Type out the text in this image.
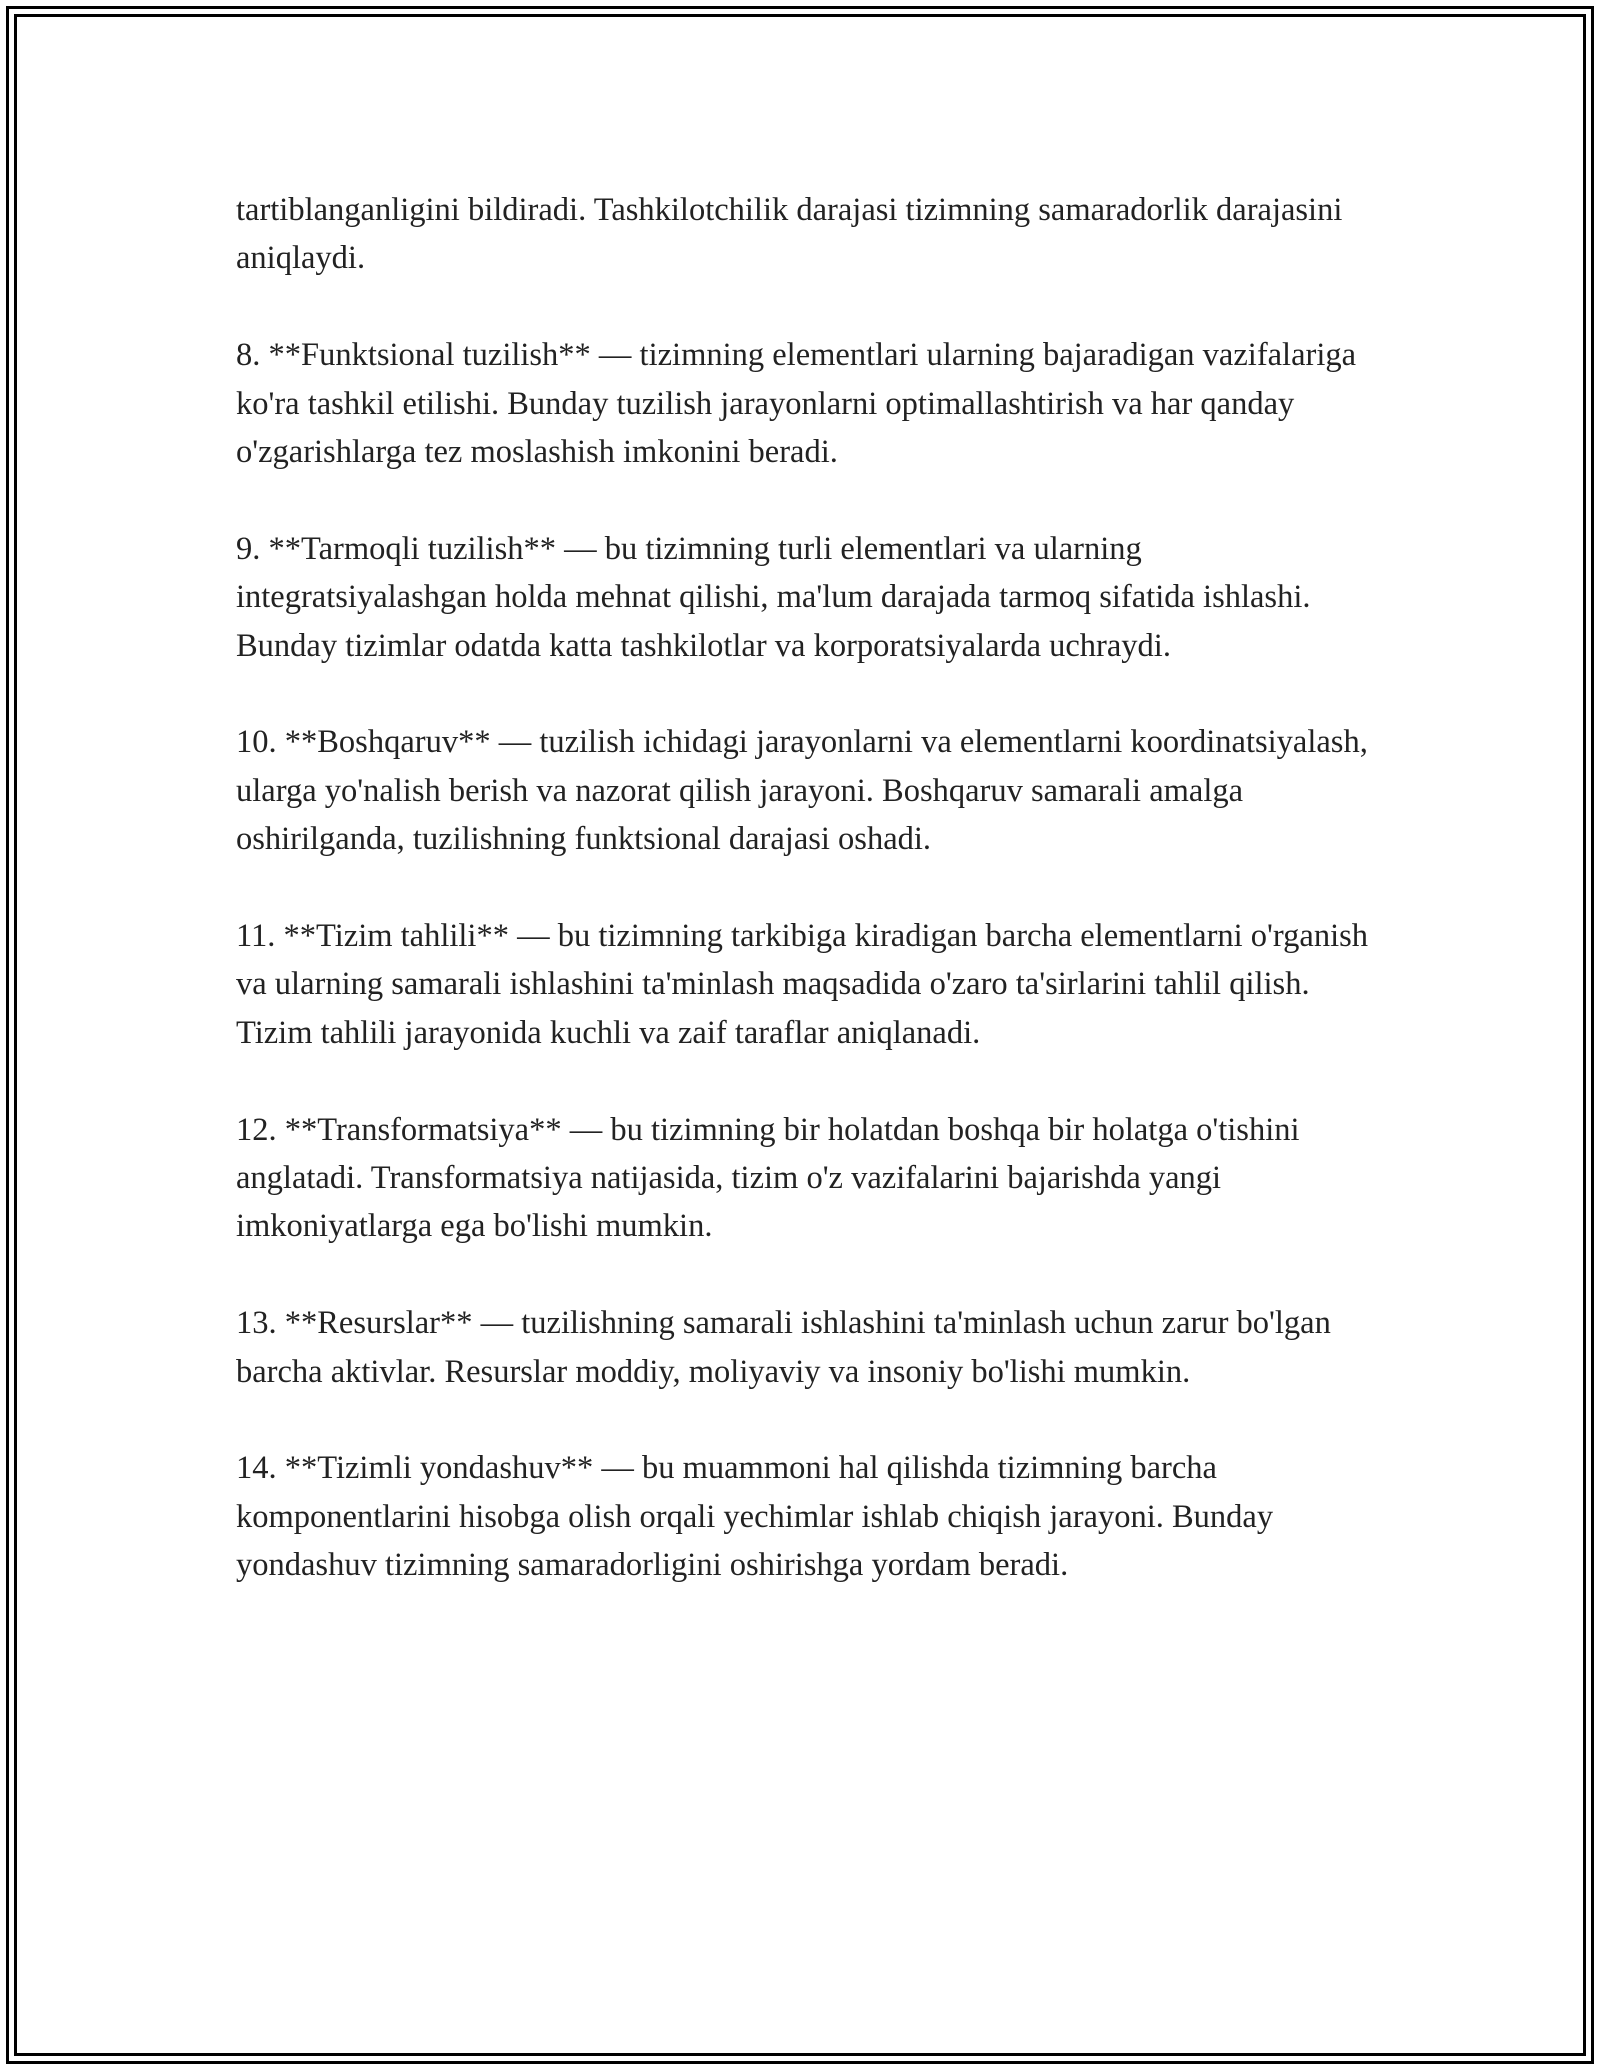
tartiblanganligini bildiradi. Tashkilotchilik darajasi tizimning samaradorlik darajasini aniqlaydi.

8. **Funktsional tuzilish** — tizimning elementlari ularning bajaradigan vazifalariga ko'ra tashkil etilishi. Bunday tuzilish jarayonlarni optimallashtirish va har qanday o'zgarishlarga tez moslashish imkonini beradi.

9. **Tarmoqli tuzilish** — bu tizimning turli elementlari va ularning integratsiyalashgan holda mehnat qilishi, ma'lum darajada tarmoq sifatida ishlashi. Bunday tizimlar odatda katta tashkilotlar va korporatsiyalarda uchraydi.

10. **Boshqaruv** — tuzilish ichidagi jarayonlarni va elementlarni koordinatsiyalash, ularga yo'nalish berish va nazorat qilish jarayoni. Boshqaruv samarali amalga oshirilganda, tuzilishning funktsional darajasi oshadi.

11. **Tizim tahlili** — bu tizimning tarkibiga kiradigan barcha elementlarni o'rganish va ularning samarali ishlashini ta'minlash maqsadida o'zaro ta'sirlarini tahlil qilish. Tizim tahlili jarayonida kuchli va zaif taraflar aniqlanadi.

12. **Transformatsiya** — bu tizimning bir holatdan boshqa bir holatga o'tishini anglatadi. Transformatsiya natijasida, tizim o'z vazifalarini bajarishda yangi imkoniyatlarga ega bo'lishi mumkin.

13. **Resurslar** — tuzilishning samarali ishlashini ta'minlash uchun zarur bo'lgan barcha aktivlar. Resurslar moddiy, moliyaviy va insoniy bo'lishi mumkin.

14. **Tizimli yondashuv** — bu muammoni hal qilishda tizimning barcha komponentlarini hisobga olish orqali yechimlar ishlab chiqish jarayoni. Bunday yondashuv tizimning samaradorligini oshirishga yordam beradi.
